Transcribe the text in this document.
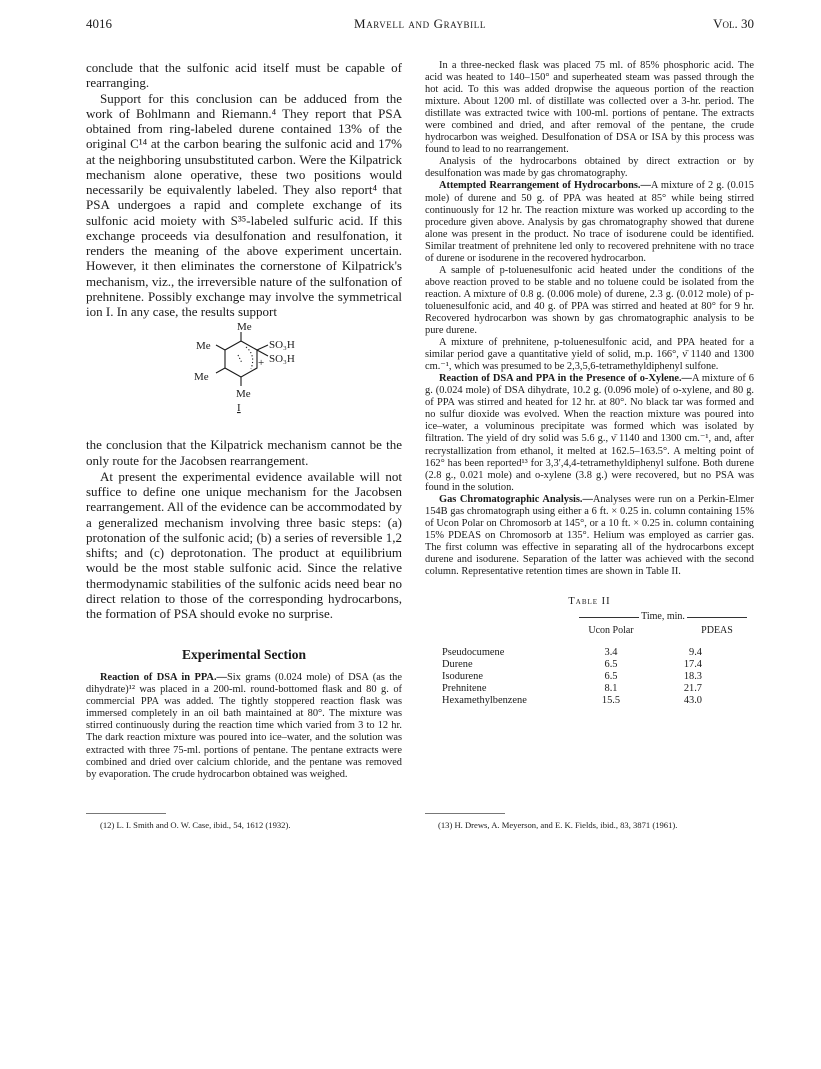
4016	Marvell and Graybill	Vol. 30

conclude that the sulfonic acid itself must be capable of rearranging.

Support for this conclusion can be adduced from the work of Bohlmann and Riemann.⁴ They report that PSA obtained from ring-labeled durene contained 13% of the original C¹⁴ at the carbon bearing the sulfonic acid and 17% at the neighboring unsubstituted carbon. Were the Kilpatrick mechanism alone operative, these two positions would necessarily be equivalently labeled. They also report⁴ that PSA undergoes a rapid and complete exchange of its sulfonic acid moiety with S³⁵-labeled sulfuric acid. If this exchange proceeds via desulfonation and resulfonation, it renders the meaning of the above experiment uncertain. However, it then eliminates the cornerstone of Kilpatrick's mechanism, viz., the irreversible nature of the sulfonation of prehnitene. Possibly exchange may involve the symmetrical ion I. In any case, the results support

Me
Me
Me
Me
SO₃H
SO₃H
+
I

the conclusion that the Kilpatrick mechanism cannot be the only route for the Jacobsen rearrangement.

At present the experimental evidence available will not suffice to define one unique mechanism for the Jacobsen rearrangement. All of the evidence can be accommodated by a generalized mechanism involving three basic steps: (a) protonation of the sulfonic acid; (b) a series of reversible 1,2 shifts; and (c) deprotonation. The product at equilibrium would be the most stable sulfonic acid. Since the relative thermodynamic stabilities of the sulfonic acids need bear no direct relation to those of the corresponding hydrocarbons, the formation of PSA should evoke no surprise.

Experimental Section

Reaction of DSA in PPA.—Six grams (0.024 mole) of DSA (as the dihydrate)¹² was placed in a 200-ml. round-bottomed flask and 80 g. of commercial PPA was added. The tightly stoppered reaction flask was immersed completely in an oil bath maintained at 80°. The mixture was stirred continuously during the reaction time which varied from 3 to 12 hr. The dark reaction mixture was poured into ice–water, and the solution was extracted with three 75-ml. portions of pentane. The pentane extracts were combined and dried over calcium chloride, and the pentane was removed by evaporation. The crude hydrocarbon obtained was weighed.

(12) L. I. Smith and O. W. Case, ibid., 54, 1612 (1932).

In a three-necked flask was placed 75 ml. of 85% phosphoric acid. The acid was heated to 140–150° and superheated steam was passed through the hot acid. To this was added dropwise the aqueous portion of the reaction mixture. About 1200 ml. of distillate was collected over a 3-hr. period. The distillate was extracted twice with 100-ml. portions of pentane. The extracts were combined and dried, and after removal of the pentane, the crude hydrocarbon was weighed. Desulfonation of DSA or ISA by this process was found to lead to no rearrangement.

Analysis of the hydrocarbons obtained by direct extraction or by desulfonation was made by gas chromatography.

Attempted Rearrangement of Hydrocarbons.—A mixture of 2 g. (0.015 mole) of durene and 50 g. of PPA was heated at 85° while being stirred continuously for 12 hr. The reaction mixture was worked up according to the procedure given above. Analysis by gas chromatography showed that durene alone was present in the product. No trace of isodurene could be identified. Similar treatment of prehnitene led only to recovered prehnitene with no trace of durene or isodurene in the recovered hydrocarbon.

A sample of p-toluenesulfonic acid heated under the conditions of the above reaction proved to be stable and no toluene could be isolated from the reaction. A mixture of 0.8 g. (0.006 mole) of durene, 2.3 g. (0.012 mole) of p-toluenesulfonic acid, and 40 g. of PPA was stirred and heated at 80° for 9 hr. Recovered hydrocarbon was shown by gas chromatographic analysis to be pure durene.

A mixture of prehnitene, p-toluenesulfonic acid, and PPA heated for a similar period gave a quantitative yield of solid, m.p. 166°, ν̄ 1140 and 1300 cm.⁻¹, which was presumed to be 2,3,5,6-tetramethyldiphenyl sulfone.

Reaction of DSA and PPA in the Presence of o-Xylene.—A mixture of 6 g. (0.024 mole) of DSA dihydrate, 10.2 g. (0.096 mole) of o-xylene, and 80 g. of PPA was stirred and heated for 12 hr. at 80°. No black tar was formed and no sulfur dioxide was evolved. When the reaction mixture was poured into ice–water, a voluminous precipitate was formed which was isolated by filtration. The yield of dry solid was 5.6 g., ν̄ 1140 and 1300 cm.⁻¹, and, after recrystallization from ethanol, it melted at 162.5–163.5°. A melting point of 162° has been reported¹³ for 3,3′,4,4-tetramethyldiphenyl sulfone. Both durene (2.8 g., 0.021 mole) and o-xylene (3.8 g.) were recovered, but no PSA was found in the solution.

Gas Chromatographic Analysis.—Analyses were run on a Perkin-Elmer 154B gas chromatograph using either a 6 ft. × 0.25 in. column containing 15% of Ucon Polar on Chromosorb at 145°, or a 10 ft. × 0.25 in. column containing 15% PDEAS on Chromosorb at 135°. Helium was employed as carrier gas. The first column was effective in separating all of the hydrocarbons except durene and isodurene. Separation of the latter was achieved with the second column. Representative retention times are shown in Table II.

Table II
Time, min.
Ucon Polar	PDEAS
Pseudocumene	3.4	9.4
Durene	6.5	17.4
Isodurene	6.5	18.3
Prehnitene	8.1	21.7
Hexamethylbenzene	15.5	43.0
(13) H. Drews, A. Meyerson, and E. K. Fields, ibid., 83, 3871 (1961).
